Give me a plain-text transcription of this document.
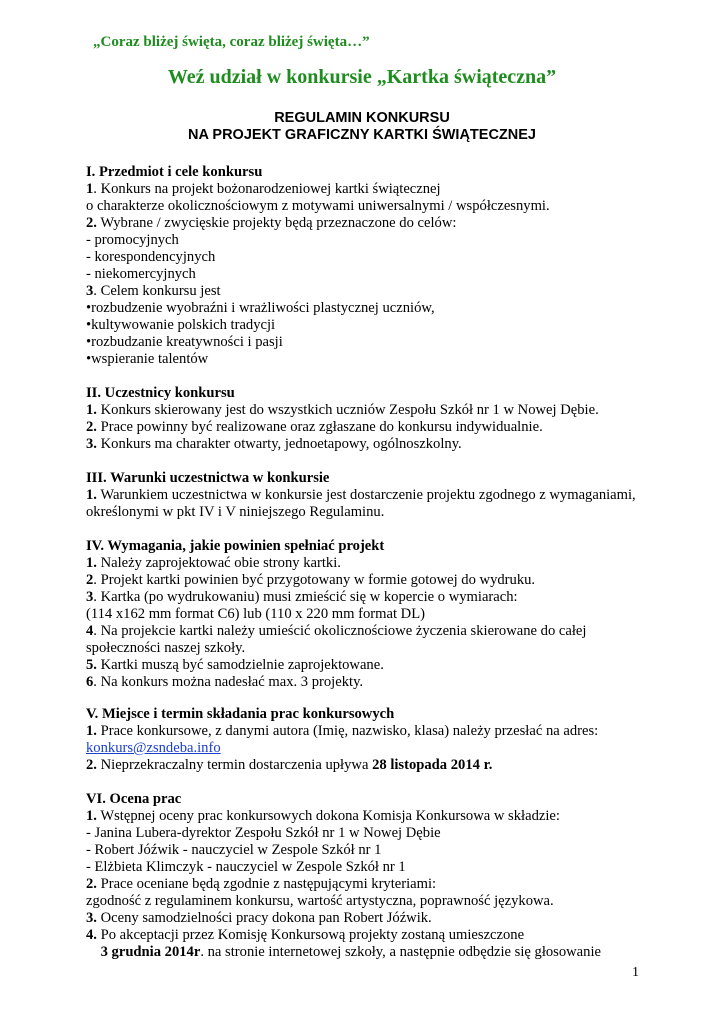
„Coraz bliżej święta, coraz bliżej święta…”
Weź udział w konkursie „Kartka świąteczna”
REGULAMIN KONKURSU
NA PROJEKT GRAFICZNY KARTKI ŚWIĄTECZNEJ
I. Przedmiot i cele konkursu
1. Konkurs na projekt bożonarodzeniowej kartki świątecznej
o charakterze okolicznościowym z motywami uniwersalnymi / współczesnymi.
2. Wybrane / zwycięskie projekty będą przeznaczone do celów:
- promocyjnych
- korespondencyjnych
- niekomercyjnych
3. Celem konkursu jest
•rozbudzenie wyobraźni i wrażliwości plastycznej uczniów,
•kultywowanie polskich tradycji
•rozbudzanie kreatywności i pasji
•wspieranie talentów
II. Uczestnicy konkursu
1. Konkurs skierowany jest do wszystkich uczniów Zespołu Szkół nr 1 w Nowej Dębie.
2. Prace powinny być realizowane oraz zgłaszane do konkursu indywidualnie.
3. Konkurs ma charakter otwarty, jednoetapowy, ogólnoszkolny.
III. Warunki uczestnictwa w konkursie
1. Warunkiem uczestnictwa w konkursie jest dostarczenie projektu zgodnego z wymaganiami,
określonymi w pkt IV i V niniejszego Regulaminu.
IV. Wymagania, jakie powinien spełniać projekt
1. Należy zaprojektować obie strony kartki.
2. Projekt kartki powinien być przygotowany w formie gotowej do wydruku.
3. Kartka (po wydrukowaniu) musi zmieścić się w kopercie o wymiarach:
(114 x162 mm format C6) lub (110 x 220 mm format DL)
4. Na projekcie kartki należy umieścić okolicznościowe życzenia skierowane do całej
społeczności naszej szkoły.
5. Kartki muszą być samodzielnie zaprojektowane.
6. Na konkurs można nadesłać max. 3 projekty.
V. Miejsce i termin składania prac konkursowych
1. Prace konkursowe, z danymi autora (Imię, nazwisko, klasa) należy przesłać na adres:
konkurs@zsndeba.info
2. Nieprzekraczalny termin dostarczenia upływa 28 listopada 2014 r.
VI. Ocena prac
1. Wstępnej oceny prac konkursowych dokona Komisja Konkursowa w składzie:
- Janina Lubera-dyrektor Zespołu Szkół nr 1 w Nowej Dębie
- Robert Jóźwik - nauczyciel w Zespole Szkół nr 1
- Elżbieta Klimczyk - nauczyciel w Zespole Szkół nr 1
2. Prace oceniane będą zgodnie z następującymi kryteriami:
zgodność z regulaminem konkursu, wartość artystyczna, poprawność językowa.
3. Oceny samodzielności pracy dokona pan Robert Jóźwik.
4. Po akceptacji przez Komisję Konkursową projekty zostaną umieszczone
3 grudnia 2014r. na stronie internetowej szkoły, a następnie odbędzie się głosowanie
1
